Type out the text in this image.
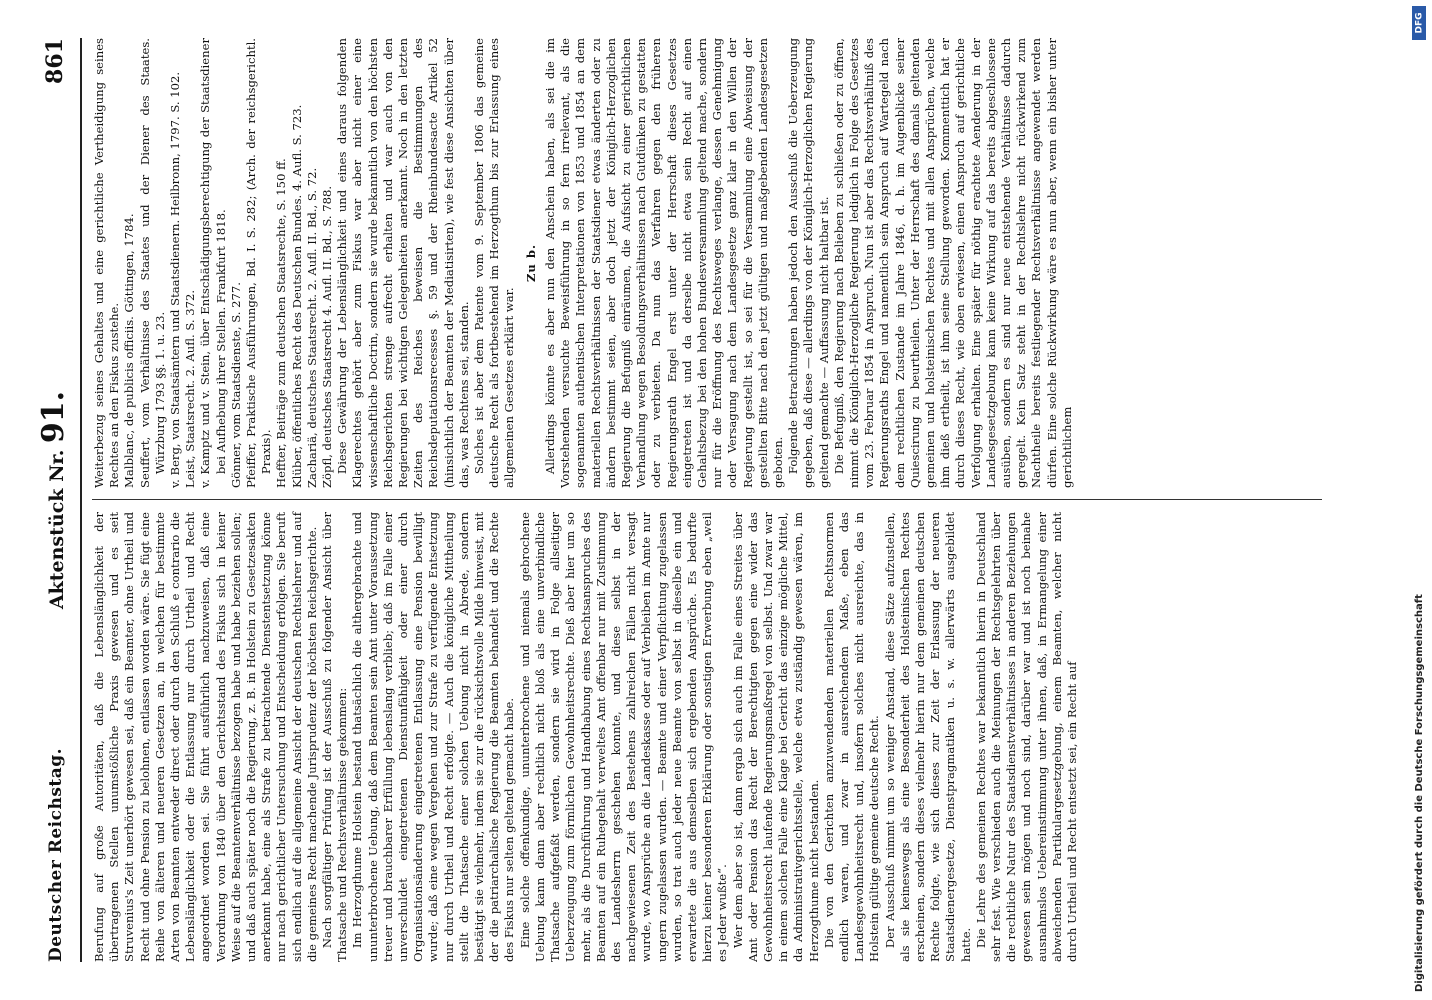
Deutscher Reichstag.
Aktenstück Nr. 91.
861

Berufung auf große Autoritäten, daß die Lebenslänglichkeit der übertragenen Stellen unumstößliche Praxis gewesen und es seit Struvenius's Zeit unerhört gewesen sei, daß ein Beamter, ohne Urtheil und Recht und ohne Pension zu belohnen, entlassen worden wäre. Sie fügt eine Reihe von älteren und neueren Gesetzen an, in welchen für bestimmte Arten von Beamten entweder direct oder durch den Schluß e contrario die Lebenslänglichkeit oder die Entlassung nur durch Urtheil und Recht angeordnet worden sei. Sie führt ausführlich nachzuweisen, daß eine Verordnung von 1840 über den Gerichtsstand des Fiskus sich in keiner Weise auf die Beamtenverhältnisse bezogen habe und habe beziehen sollen; und daß auch später noch die Regierung, z. B. in Holstein zu Gesetzesakten anerkannt habe, eine als Strafe zu betrachtende Dienstentsetzung könne nur nach gerichtlicher Untersuchung und Entscheidung erfolgen. Sie beruft sich endlich auf die allgemeine Ansicht der deutschen Rechtslehrer und auf die gemeines Recht machende Jurisprudenz der höchsten Reichsgerichte. Nach sorgfältiger Prüfung ist der Ausschuß zu folgender Ansicht über Thatsache und Rechtsverhältnisse gekommen: Im Herzogthume Holstein bestand thatsächlich die althergebrachte und ununterbrochene Uebung, daß dem Beamten sein Amt unter Voraussetzung treuer und brauchbarer Erfüllung lebenslang verblieb; daß im Falle einer unverschuldet eingetretenen Dienstunfähigkeit oder einer durch Organisationsänderung eingetretenen Entlassung eine Pension bewilligt wurde; daß eine wegen Vergehen und zur Strafe zu verfügende Entsetzung nur durch Urtheil und Recht erfolgte. — Auch die königliche Mittheilung stellt die Thatsache einer solchen Uebung nicht in Abrede, sondern bestätigt sie vielmehr, indem sie zur die rücksichtsvolle Milde hinweist, mit der die patriarchalische Regierung die Beamten behandelt und die Rechte des Fiskus nur selten geltend gemacht habe. Eine solche offenkundige, ununterbrochene und niemals gebrochene Uebung kann dann aber rechtlich nicht bloß als eine unverbindliche Thatsache aufgefaßt werden, sondern sie wird in Folge allseitiger Ueberzeugung zum förmlichen Gewohnheitsrechte. Dieß aber hier um so mehr, als die Durchführung und Handhabung eines Rechtsanspruches des Beamten auf ein Ruhegehalt verweltes Amt offenbar nur mit Zustimmung des Landesherrn geschehen konnte, und diese selbst in der nachgewiesenen Zeit des Bestehens zahlreichen Fällen nicht versagt wurde, wo Ansprüche an die Landeskasse oder auf Verbleiben im Amte nur ungern zugelassen wurden. — Beamte und einer Verpflichtung zugelassen wurden, so trat auch jeder neue Beamte von selbst in dieselbe ein und erwartete die aus demselben sich ergebenden Ansprüche. Es bedurfte hierzu keiner besonderen Erklärung oder sonstigen Erwerbung eben „weil es Jeder wußte“. Wer dem aber so ist, dann ergab sich auch im Falle eines Streites über Amt oder Pension das Recht der Berechtigten gegen eine wider das Gewohnheitsrecht laufende Regierungsmaßregel von selbst. Und zwar war in einem solchen Falle eine Klage bei Gericht das einzige mögliche Mittel, da Administrativgerichtsstelle, welche etwa zuständig gewesen wären, im Herzogthume nicht bestanden. Die von den Gerichten anzuwendenden materiellen Rechtsnormen endlich waren, und zwar in ausreichendem Maße, eben das Landesgewohnheitsrecht und, insofern solches nicht ausreichte, das in Holstein gültige gemeine deutsche Recht. Der Ausschuß nimmt um so weniger Anstand, diese Sätze aufzustellen, als sie keineswegs als eine Besonderheit des Holsteinischen Rechtes erscheinen, sondern dieses vielmehr hierin nur dem gemeinen deutschen Rechte folgte, wie sich dieses zur Zeit der Erlassung der neueren Staatsdienergesetze, Dienstpragmatiken u. s. w. allerwärts ausgebildet hatte. Die Lehre des gemeinen Rechtes war bekanntlich hierin in Deutschland sehr fest. Wie verschieden auch die Meinungen der Rechtsgelehrten über die rechtliche Natur des Staatsdienstverhältnisses in anderen Beziehungen gewesen sein mögen und noch sind, darüber war und ist noch beinahe ausnahmslos Uebereinstimmung unter ihnen, daß, in Ermangelung einer abweichenden Partikulargesetzgebung, einem Beamten, welcher nicht durch Urtheil und Recht entsetzt sei, ein Recht auf

Weiterbezug seines Gehaltes und eine gerichtliche Vertheidigung seines Rechtes an den Fiskus zustehe. Malblanc, de publicis officiis. Göttingen, 1784. Seuffert, vom Verhältnisse des Staates und der Diener des Staates. Würzburg 1793 §§. 1. u. 23. v. Berg, von Staatsämtern und Staatsdienern. Heilbronn, 1797. S. 102. Leist, Staatsrecht. 2. Aufl. S. 372. v. Kamptz und v. Stein, über Entschädigungsberechtigung der Staatsdiener bei Aufhebung ihrer Stellen. Frankfurt 1818. Gönner, vom Staatsdienste, S. 277. Pfeiffer, Praktische Ausführungen, Bd. I. S. 282; (Arch. der reichsgerichtl. Praxis). Heffter, Beiträge zum deutschen Staatsrechte, S. 150 ff. Klüber, öffentliches Recht des Deutschen Bundes. 4. Aufl. S. 723. Zachariä, deutsches Staatsrecht. 2. Aufl. II. Bd., S. 72. Zöpfl, deutsches Staatsrecht 4. Aufl. II. Bd., S. 788. Diese Gewährung der Lebenslänglichkeit und eines daraus folgenden Klagerechtes gehört aber zum Fiskus war aber nicht einer eine wissenschaftliche Doctrin, sondern sie wurde bekanntlich von den höchsten Reichsgerichten strenge aufrecht erhalten und war auch von den Regierungen bei wichtigen Gelegenheiten anerkannt. Noch in den letzten Zeiten des Reiches beweisen die Bestimmungen des Reichsdeputationsrecesses §. 59 und der Rheinbundesacte Artikel 52 (hinsichtlich der Beamten der Mediatisirten), wie fest diese Ansichten über das, was Rechtens sei, standen. Solches ist aber dem Patente vom 9. September 1806 das gemeine deutsche Recht als fortbestehend im Herzogthum bis zur Erlassung eines allgemeinen Gesetzes erklärt war.

Zu b. Allerdings könnte es aber nun den Anschein haben, als sei die im Vorstehenden versuchte Beweisführung in so fern irrelevant, als die sogenannten authentischen Interpretationen von 1853 und 1854 an dem materiellen Rechtsverhältnissen der Staatsdiener etwas änderten oder zu ändern bestimmt seien, aber doch jetzt der Königlich-Herzoglichen Regierung die Befugniß einräumen, die Aufsicht zu einer gerichtlichen Verhandlung wegen Besoldungsverhältnissen nach Gutdünken zu gestatten oder zu verbieten. Da nun das Verfahren gegen den früheren Regierungsrath Engel erst unter der Herrschaft dieses Gesetzes eingetreten ist und da derselbe nicht etwa sein Recht auf einen Gehaltsbezug bei den hohen Bundesversammlung geltend mache, sondern nur für die Eröffnung des Rechtsweges verlange, dessen Genehmigung oder Versagung nach dem Landesgesetze ganz klar in den Willen der Regierung gestellt ist, so sei für die Versammlung eine Abweisung der gestellten Bitte nach den jetzt gültigen und maßgebenden Landesgesetzen geboten. Folgende Betrachtungen haben jedoch den Ausschuß die Ueberzeugung gegeben, daß diese — allerdings von der Königlich-Herzoglichen Regierung geltend gemachte — Auffassung nicht haltbar ist. Die Befugniß, den Regierung nach Belieben zu schließen oder zu öffnen, nimmt die Königlich-Herzogliche Regierung lediglich in Folge des Gesetzes vom 23. Februar 1854 in Anspruch. Nun ist aber das Rechtsverhältniß des Regierungsraths Engel und namentlich sein Anspruch auf Wartegeld nach dem rechtlichen Zustande im Jahre 1846, d. h. im Augenblicke seiner Quiescirung zu beurtheilen. Unter der Herrschaft des damals geltenden gemeinen und holsteinischen Rechtes und mit allen Ansprüchen, welche ihm dieß ertheilt, ist ihm seine Stellung geworden. Kommenttich hat er durch dieses Recht, wie oben erwiesen, einen Anspruch auf gerichtliche Verfolgung erhalten. Eine später für nöthig erachtete Aenderung in der Landesgesetzgebung kann keine Wirkung auf das bereits abgeschlossene ausüben, sondern es sind nur neue entstehende Verhältnisse dadurch geregelt. Kein Satz steht in der Rechtslehre nicht rückwirkend zum Nachtheile bereits festliegender Rechtsverhältnisse angewendet werden dürfen. Eine solche Rückwirkung wäre es nun aber, wenn ein bisher unter gerichtlichem

Digitalisierung gefördert durch die Deutsche Forschungsgemeinschaft
DFG
